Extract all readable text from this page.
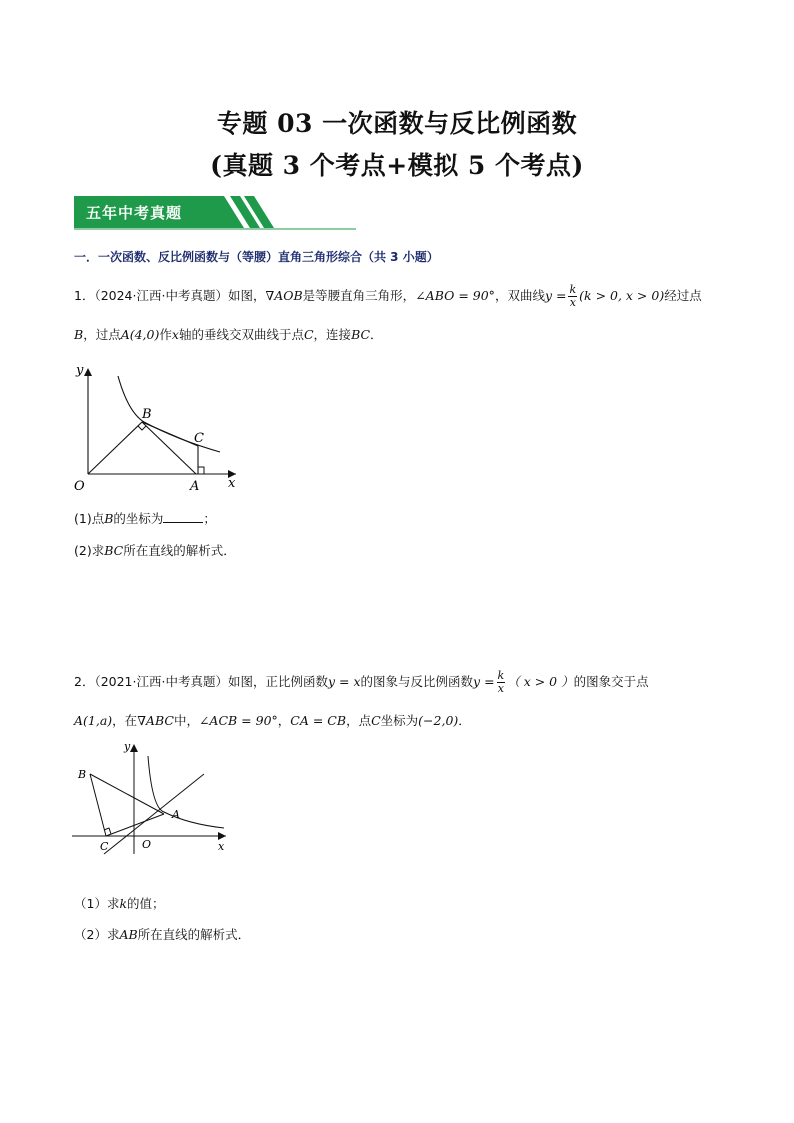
专题 03 一次函数与反比例函数
(真题 3 个考点+模拟 5 个考点)
五年中考真题
一．一次函数、反比例函数与（等腰）直角三角形综合（共 3 小题）
1．（2024·江西·中考真题）如图，∇AOB是等腰直角三角形，∠ABO = 90°，双曲线$y = \frac{k}{x} (k > 0$, x > 0)经过点
B，过点A(4,0)作x轴的垂线交双曲线于点C，连接BC．
y
x
O	A
B
C
(1)点B的坐标为	；
(2)求BC所在直线的解析式．
2．（2021·江西·中考真题）如图，正比例函数y = x的图象与反比例函数$y = \frac{k}{x}$ （ x > 0 ）的图象交于点
A(1,a)，在∇ABC中，∠ACB = 90°，CA = CB，点C坐标为(−2,0)．
y
x
O
A
B
C
（1）求k的值；
（2）求AB所在直线的解析式．
